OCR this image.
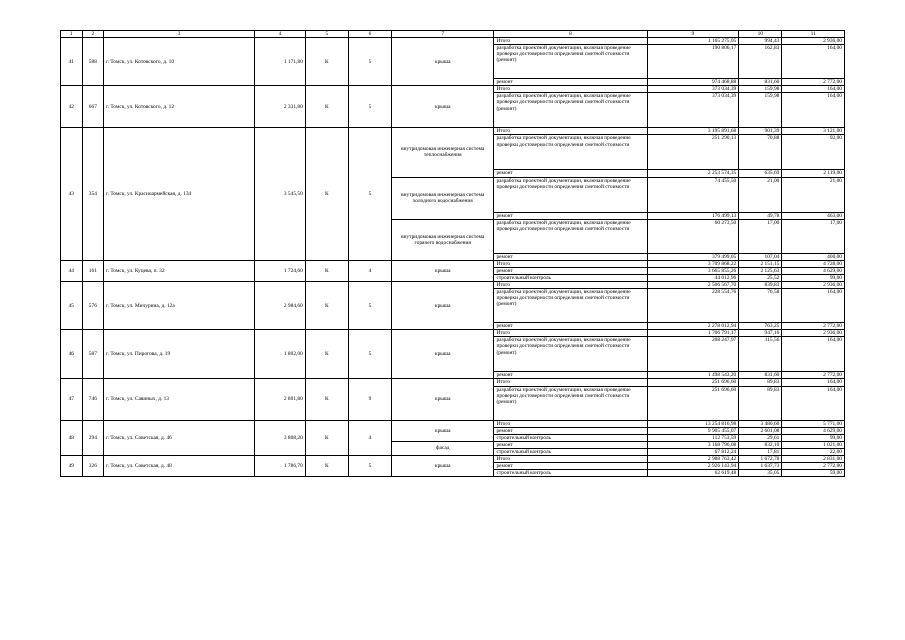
1	2	3	4	5	6	7	8	9	10	11
41	588	г. Томск, ул. Котовского, д. 10	1 171,80	К	5	крыша	Итого	1 165 275,05	994,43	2 936,00
							разработка проектной документации, включая проведение проверки достоверности определения сметной стоимости (ремонт)	190 806,17	162,83	164,00
							ремонт	974 468,88	831,60	2 772,00
42	667	г. Томск, ул. Котовского, д. 12	2 331,80	К	5	крыша	Итого	373 034,39	159,98	164,00
							разработка проектной документации, включая проведение проверки достоверности определения сметной стоимости (ремонт)	373 034,39	159,98	164,00
43	354	г. Томск, ул. Красноармейская, д. 134	3 545,50	К	5	внутридомовая инженерная система теплоснабжения	Итого	3 195 891,68	901,39	3 121,00
							разработка проектной документации, включая проведение проверки достоверности определения сметной стоимости	251 290,13	70,88	92,00
							ремонт	2 253 574,35	635,69	2 119,00
						внутридомовая инженерная система холодного водоснабжения	разработка проектной документации, включая проведение проверки достоверности определения сметной стоимости	74 455,50	21,00	21,00
							ремонт	176 499,13	49,78	463,00
						внутридомовая инженерная система горячего водоснабжения	разработка проектной документации, включая проведение проверки достоверности определения сметной стоимости	60 273,50	17,00	17,00
							ремонт	379 499,05	107,04	400,00
44	161	г. Томск, ул. Куцева, п. 32	1 724,60	К	4	крыша	Итого	3 709 868,22	2 151,15	4 728,00
							ремонт	3 665 855,26	2 125,63	4 629,00
							строительный контроль	44 012,96	25,52	99,00
45	576	г. Томск, ул. Мичурина, д. 12а	2 984,60	К	5	крыша	Итого	2 506 567,70	839,83	2 936,00
							разработка проектной документации, включая проведение проверки достоверности определения сметной стоимости (ремонт)	228 554,76	76,58	164,00
							ремонт	2 278 012,94	763,25	2 772,00
46	587	г. Томск, ул. Пирогова, д. 19	1 802,00	К	5	крыша	Итого	1 706 791,17	947,16	2 936,00
							разработка проектной документации, включая проведение проверки достоверности определения сметной стоимости (ремонт)	208 247,97	115,56	164,00
							ремонт	1 498 543,20	831,60	2 772,00
47	746	г. Томск, ул. Савиных, д. 13	2 801,80	К	9	крыша	Итого	251 696,60	89,83	164,00
							разработка проектной документации, включая проведение проверки достоверности определения сметной стоимости (ремонт)	251 696,60	89,83	164,00
48	294	г. Томск, ул. Советская, д. 46	3 808,20	К	4	крыша	Итого	13 254 816,98	3 480,60	5 771,00
							ремонт	9 905 455,07	2 601,08	4 629,00
							строительный контроль	112 753,59	29,61	99,00
						фасад	ремонт	3 168 796,08	832,10	1 021,00
							строительный контроль	67 812,24	17,81	22,00
49	326	г. Томск, ул. Советская, д. 48	1 786,70	К	5	крыша	Итого	2 988 763,42	1 672,78	2 831,00
							ремонт	2 926 143,94	1 637,73	2 772,00
							строительный контроль	62 619,48	35,05	59,00
